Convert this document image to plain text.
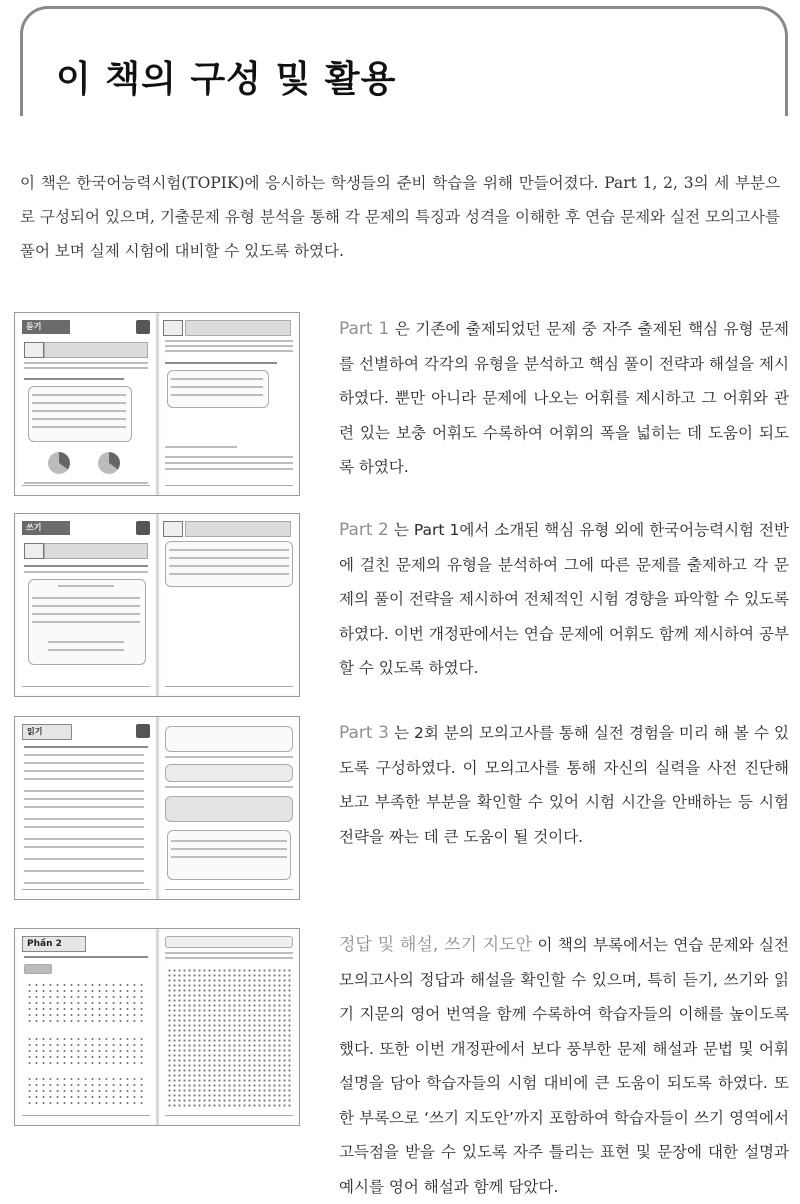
이 책의 구성 및 활용

이 책은 한국어능력시험(TOPIK)에 응시하는 학생들의 준비 학습을 위해 만들어졌다. Part 1, 2, 3의 세 부분으로 구성되어 있으며, 기출문제 유형 분석을 통해 각 문제의 특징과 성격을 이해한 후 연습 문제와 실전 모의고사를 풀어 보며 실제 시험에 대비할 수 있도록 하였다.

듣기	Part 1 은 기존에 출제되었던 문제 중 자주 출제된 핵심 유형 문제를 선별하여 각각의 유형을 분석하고 핵심 풀이 전략과 해설을 제시하였다. 뿐만 아니라 문제에 나오는 어휘를 제시하고 그 어휘와 관련 있는 보충 어휘도 수록하여 어휘의 폭을 넓히는 데 도움이 되도록 하였다.

쓰기	Part 2 는 Part 1에서 소개된 핵심 유형 외에 한국어능력시험 전반에 걸친 문제의 유형을 분석하여 그에 따른 문제를 출제하고 각 문제의 풀이 전략을 제시하여 전체적인 시험 경향을 파악할 수 있도록 하였다. 이번 개정판에서는 연습 문제에 어휘도 함께 제시하여 공부할 수 있도록 하였다.

읽기	Part 3 는 2회 분의 모의고사를 통해 실전 경험을 미리 해 볼 수 있도록 구성하였다. 이 모의고사를 통해 자신의 실력을 사전 진단해 보고 부족한 부분을 확인할 수 있어 시험 시간을 안배하는 등 시험 전략을 짜는 데 큰 도움이 될 것이다.

Phần 2	정답 및 해설, 쓰기 지도안 이 책의 부록에서는 연습 문제와 실전 모의고사의 정답과 해설을 확인할 수 있으며, 특히 듣기, 쓰기와 읽기 지문의 영어 번역을 함께 수록하여 학습자들의 이해를 높이도록 했다. 또한 이번 개정판에서 보다 풍부한 문제 해설과 문법 및 어휘 설명을 담아 학습자들의 시험 대비에 큰 도움이 되도록 하였다. 또한 부록으로 ‘쓰기 지도안’까지 포함하여 학습자들이 쓰기 영역에서 고득점을 받을 수 있도록 자주 틀리는 표현 및 문장에 대한 설명과 예시를 영어 해설과 함께 담았다.
